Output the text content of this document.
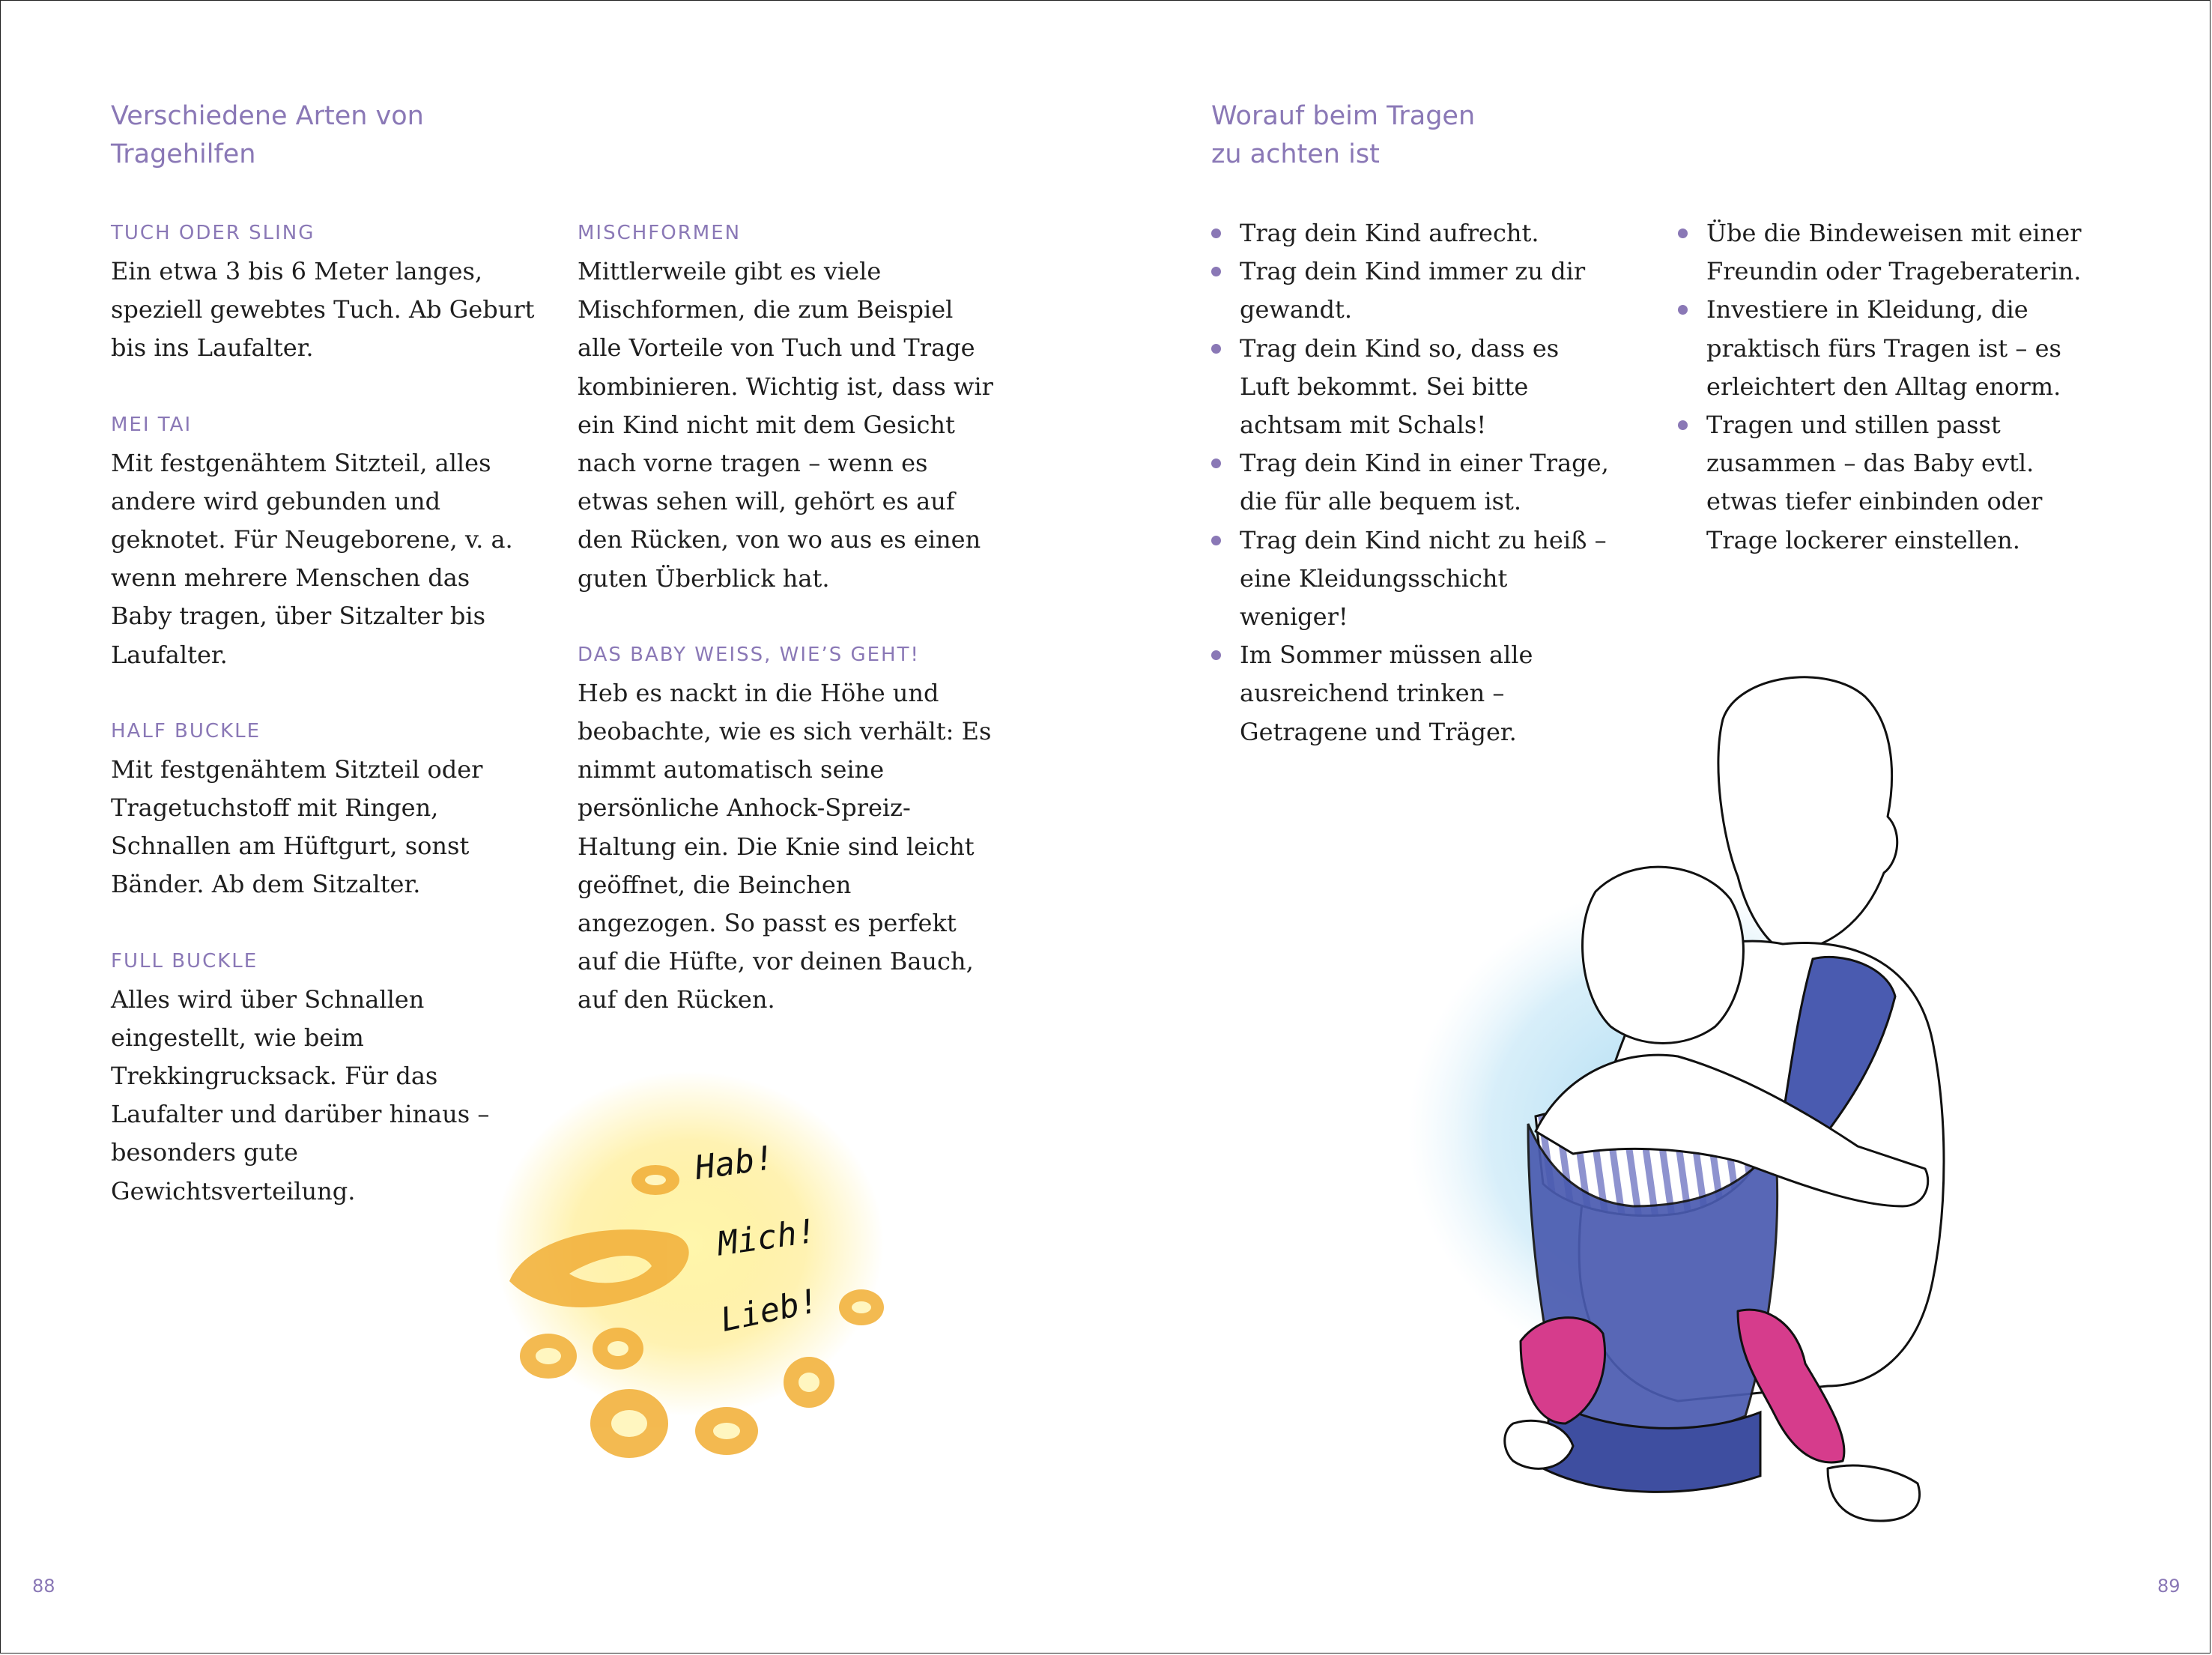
Verschiedene Arten von
Tragehilfen
TUCH ODER SLING

Ein etwa 3 bis 6 Meter langes, speziell gewebtes Tuch. Ab Geburt bis ins Laufalter.

MEI TAI

Mit festgenähtem Sitzteil, alles andere wird gebunden und geknotet. Für Neugeborene, v. a. wenn mehrere Menschen das Baby tragen, über Sitzalter bis Laufalter.

HALF BUCKLE

Mit festgenähtem Sitzteil oder Tragetuchstoff mit Ringen, Schnallen am Hüftgurt, sonst Bänder. Ab dem Sitzalter.

FULL BUCKLE

Alles wird über Schnallen eingestellt, wie beim Trekkingrucksack. Für das Laufalter und darüber hinaus – besonders gute Gewichtsverteilung.

MISCHFORMEN

Mittlerweile gibt es viele Mischformen, die zum Beispiel alle Vorteile von Tuch und Trage kombinieren. Wichtig ist, dass wir ein Kind nicht mit dem Gesicht nach vorne tragen – wenn es etwas sehen will, gehört es auf den Rücken, von wo aus es einen guten Überblick hat.

DAS BABY WEISS, WIE’S GEHT!

Heb es nackt in die Höhe und beobachte, wie es sich verhält: Es nimmt automatisch seine persönliche Anhock-Spreiz-Haltung ein. Die Knie sind leicht geöffnet, die Beinchen angezogen. So passt es perfekt auf die Hüfte, vor deinen Bauch, auf den Rücken.

Hab!
Mich!
Lieb!
88
Worauf beim Tragen
zu achten ist
Trag dein Kind aufrecht.
Trag dein Kind immer zu dir gewandt.
Trag dein Kind so, dass es Luft bekommt. Sei bitte achtsam mit Schals!
Trag dein Kind in einer Trage, die für alle bequem ist.
Trag dein Kind nicht zu heiß – eine Kleidungsschicht weniger!
Im Sommer müssen alle ausreichend trinken – Getragene und Träger.
Übe die Bindeweisen mit einer Freundin oder Trageberaterin.
Investiere in Kleidung, die praktisch fürs Tragen ist – es erleichtert den Alltag enorm.
Tragen und stillen passt zusammen – das Baby evtl. etwas tiefer einbinden oder Trage lockerer einstellen.
89
